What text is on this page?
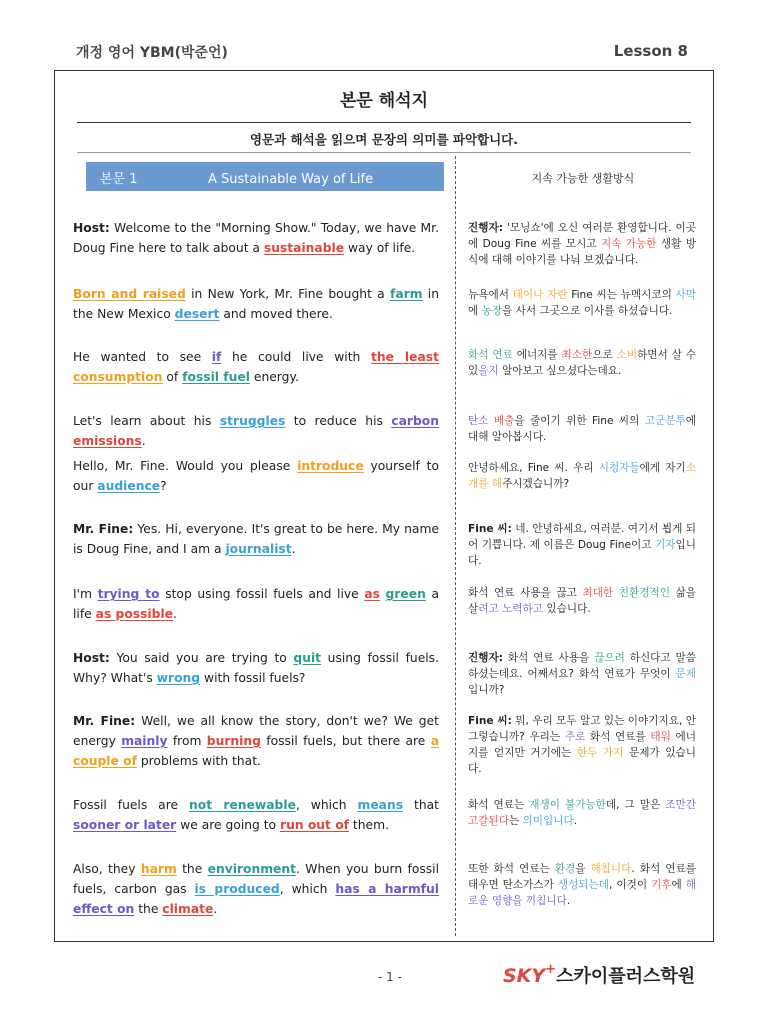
개정 영어 YBM(박준언)	Lesson 8
본문 해석지
영문과 해석을 읽으며 문장의 의미를 파악합니다.
본문 1	A Sustainable Way of Life	지속 가능한 생활방식
Host: Welcome to the "Morning Show." Today, we have Mr. Doug Fine here to talk about a sustainable way of life.
진행자: '모닝쇼'에 오신 여러분 환영합니다. 이곳에 Doug Fine 씨를 모시고 지속 가능한 생활 방식에 대해 이야기를 나눠 보겠습니다.
Born and raised in New York, Mr. Fine bought a farm in the New Mexico desert and moved there.
뉴욕에서 태어나 자란 Fine 씨는 뉴멕시코의 사막에 농장을 사서 그곳으로 이사를 하셨습니다.
He wanted to see if he could live with the least consumption of fossil fuel energy.
화석 연료 에너지를 최소한으로 소비하면서 살 수 있을지 알아보고 싶으셨다는데요.
Let's learn about his struggles to reduce his carbon emissions.
탄소 배출을 줄이기 위한 Fine 씨의 고군분투에 대해 알아봅시다.
Hello, Mr. Fine. Would you please introduce yourself to our audience?
안녕하세요, Fine 씨. 우리 시청자들에게 자기소개를 해주시겠습니까?
Mr. Fine: Yes. Hi, everyone. It's great to be here. My name is Doug Fine, and I am a journalist.
Fine 씨: 네. 안녕하세요, 여러분. 여기서 뵙게 되어 기쁩니다. 제 이름은 Doug Fine이고 기자입니다.
I'm trying to stop using fossil fuels and live as green a life as possible.
화석 연료 사용을 끊고 최대한 친환경적인 삶을 살려고 노력하고 있습니다.
Host: You said you are trying to quit using fossil fuels. Why? What's wrong with fossil fuels?
진행자: 화석 연료 사용을 끊으려 하신다고 말씀하셨는데요. 어째서요? 화석 연료가 무엇이 문제입니까?
Mr. Fine: Well, we all know the story, don't we? We get energy mainly from burning fossil fuels, but there are a couple of problems with that.
Fine 씨: 뭐, 우리 모두 알고 있는 이야기지요, 안 그렇습니까? 우리는 주로 화석 연료를 태워 에너지를 얻지만 거기에는 한두 가지 문제가 있습니다.
Fossil fuels are not renewable, which means that sooner or later we are going to run out of them.
화석 연료는 재생이 불가능한데, 그 말은 조만간 고갈된다는 의미입니다.
Also, they harm the environment. When you burn fossil fuels, carbon gas is produced, which has a harmful effect on the climate.
또한 화석 연료는 환경을 해칩니다. 화석 연료를 태우면 탄소가스가 생성되는데, 이것이 기후에 해로운 영향을 끼칩니다.
- 1 -	SKY+스카이플러스학원
